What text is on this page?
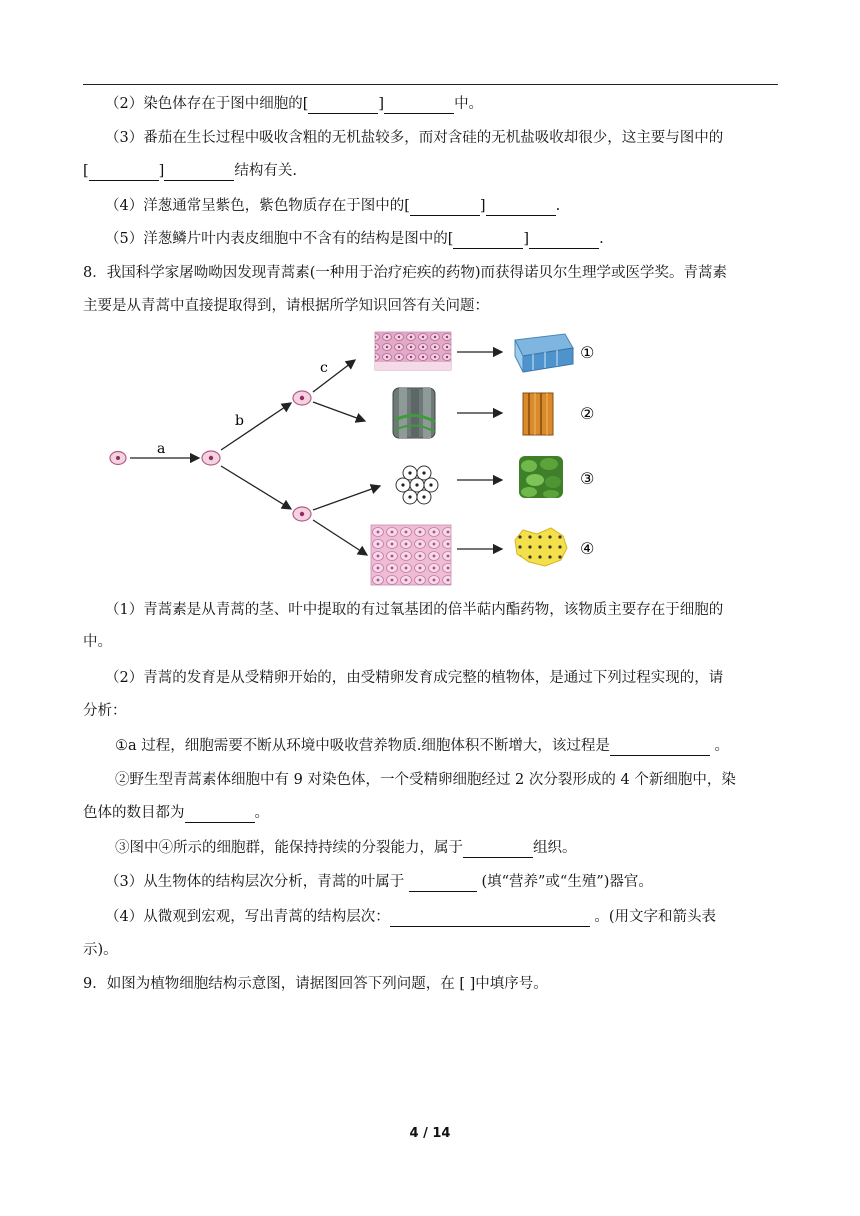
（2）染色体存在于图中细胞的[	]	中。
（3）番茄在生长过程中吸收含粗的无机盐较多，而对含硅的无机盐吸收却很少，这主要与图中的
[	]	结构有关.
（4）洋葱通常呈紫色，紫色物质存在于图中的[	]	.
（5）洋葱鳞片叶内表皮细胞中不含有的结构是图中的[	]	.
8．我国科学家屠呦呦因发现青蒿素(一种用于治疗疟疾的药物)而获得诺贝尔生理学或医学奖。青蒿素
主要是从青蒿中直接提取得到，请根据所学知识回答有关问题：
a
b
c
①
②
③
④
（1）青蒿素是从青蒿的茎、叶中提取的有过氧基团的倍半萜内酯药物，该物质主要存在于细胞的
中。
（2）青蒿的发育是从受精卵开始的，由受精卵发育成完整的植物体，是通过下列过程实现的，请
分析：
①a 过程，细胞需要不断从环境中吸收营养物质.细胞体积不断增大，该过程是	。
②野生型青蒿素体细胞中有 9 对染色体，一个受精卵细胞经过 2 次分裂形成的 4 个新细胞中，染
色体的数目都为	。
③图中④所示的细胞群，能保持持续的分裂能力，属于	组织。
（3）从生物体的结构层次分析，青蒿的叶属于	(填“营养”或“生殖”)器官。
（4）从微观到宏观，写出青蒿的结构层次：	。(用文字和箭头表
示)。
9．如图为植物细胞结构示意图，请据图回答下列问题，在 [ ]中填序号。
4 / 14
